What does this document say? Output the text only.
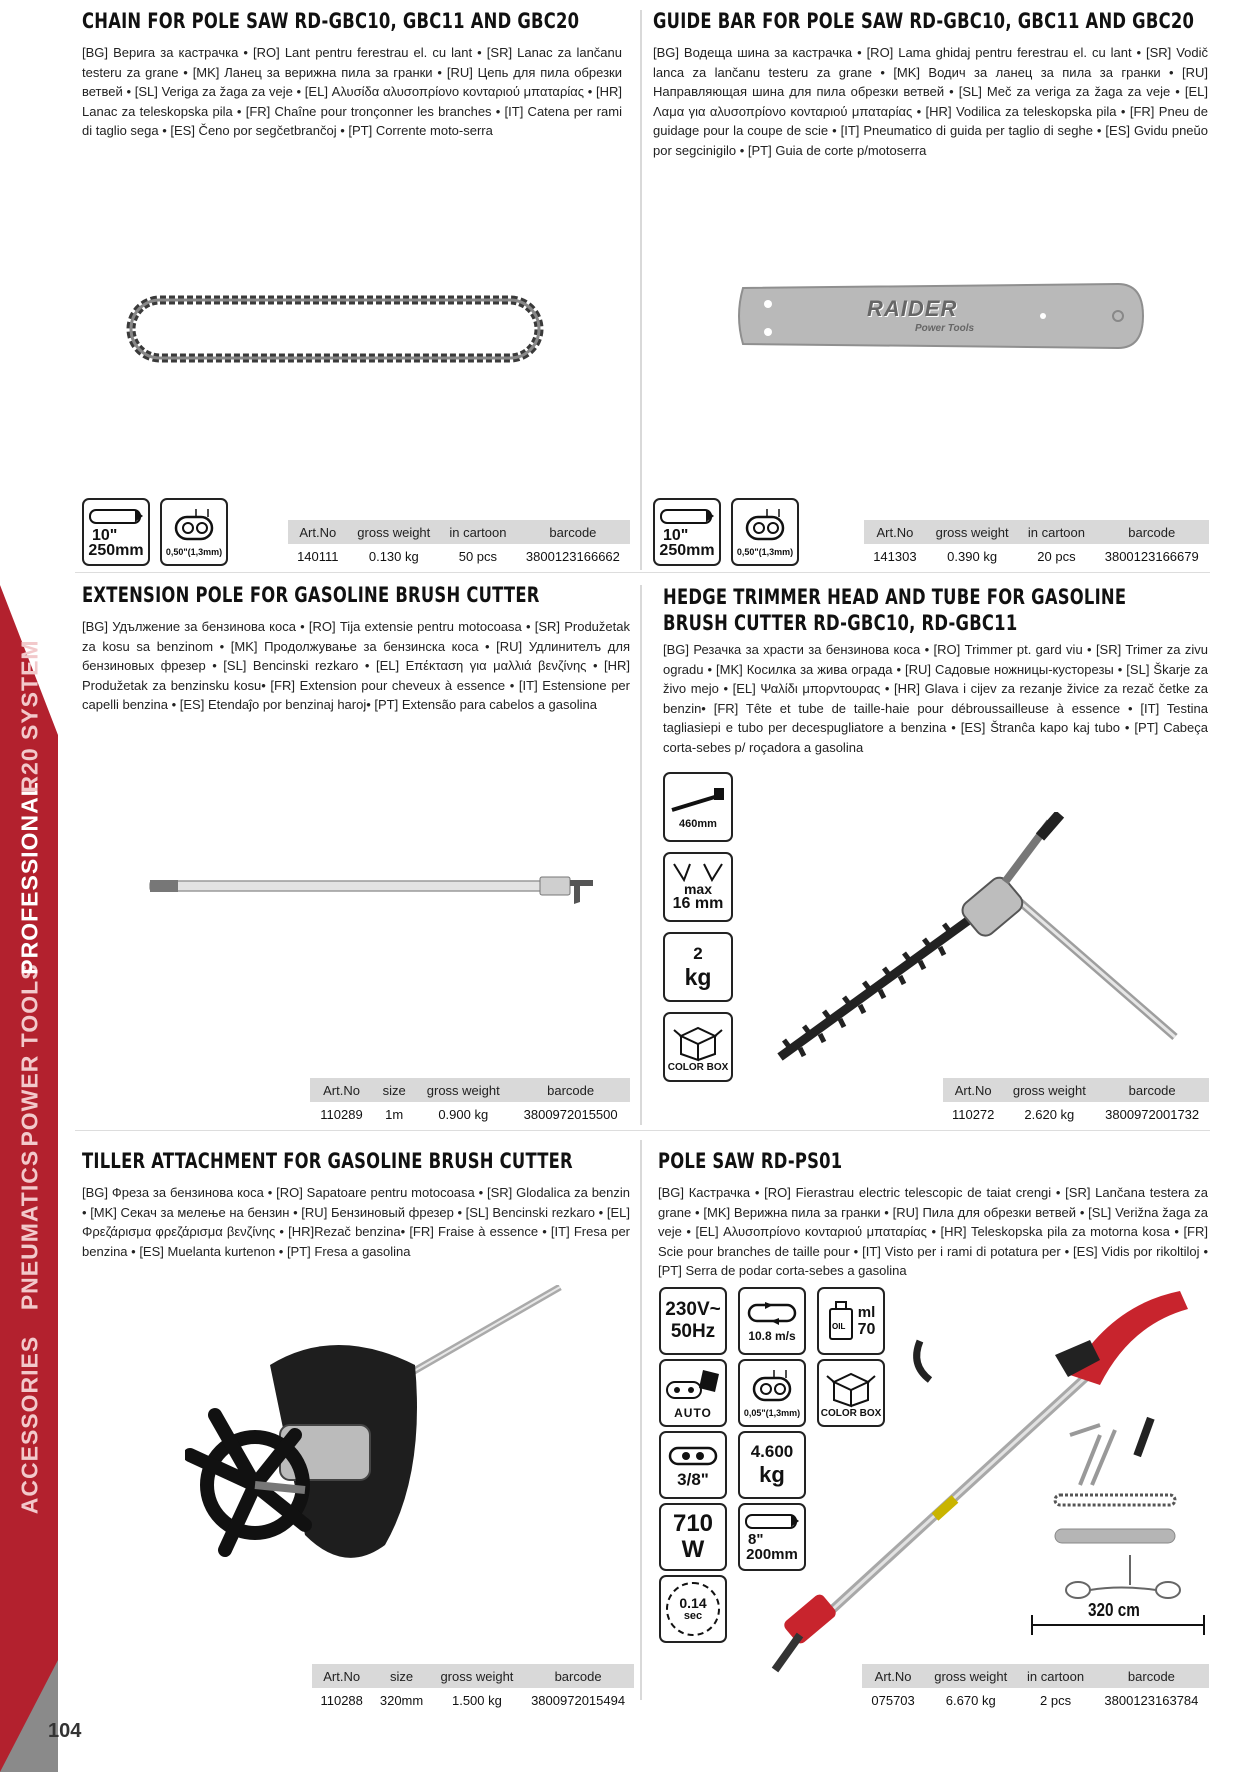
ACCESSORIES
PNEUMATICS
POWER TOOLS
PROFESSIONAL
R20 SYSTEM
104
CHAIN FOR POLE SAW RD-GBC10, GBC11 AND GBC20
[BG] Верига за кастрачка • [RO] Lant pentru ferestrau el. cu lant • [SR] Lanac za lančanu testeru za grane • [MK] Ланец за верижна пила за гранки • [RU] Цепь для пила обрезки ветвей • [SL] Veriga za žaga za veje • [EL] Αλυσίδα αλυσοπρίονο κονταριού μπαταρίας • [HR] Lanac za teleskopska pila • [FR] Chaîne pour tronçonner les branches • [IT] Catena per rami di taglio sega • [ES] Čeno por segčetbrančoj • [PT] Corrente moto-serra
10"
250mm 0,50"(1,3mm)
Art.No	gross weight	in cartoon	barcode
140111	0.130 kg	50 pcs	3800123166662
GUIDE BAR FOR POLE SAW RD-GBC10, GBC11 AND GBC20
[BG] Водеща шина за кастрачка • [RO] Lama ghidaj pentru ferestrau el. cu lant • [SR] Vodič lanca za lančanu testeru za grane • [MK] Водич за ланец за пила за гранки • [RU] Направляющая шина для пила обрезки ветвей • [SL] Meč za veriga za žaga za veje • [EL] Λαμα για αλυσοπρίονο κονταριού μπαταρίας • [HR] Vodilica za teleskopska pila • [FR] Pneu de guidage pour la coupe de scie • [IT] Pneumatico di guida per taglio di seghe • [ES] Gvidu pneŭo por segcinigilo • [PT] Guia de corte p/motoserra
RAIDER
Power Tools
10"
250mm 0,50"(1,3mm)
Art.No	gross weight	in cartoon	barcode
141303	0.390 kg	20 pcs	3800123166679
EXTENSION POLE FOR GASOLINE BRUSH CUTTER
[BG] Удължение за бензинова коса • [RO] Tija extensie pentru motocoasa • [SR] Produžetak za kosu sa benzinom • [MK] Продолжување за бензинска коса • [RU] Удлинителъ для бензиновых фрезер • [SL] Bencinski rezkaro • [EL] Επέκταση για μαλλιά βενζίνης • [HR] Produžetak za benzinsku kosu• [FR] Extension pour cheveux à essence • [IT] Estensione per capelli benzina • [ES] Etendaĵo por benzinaj haroj• [PT] Extensão para cabelos a gasolina
Art.No	size	gross weight	barcode
110289	1m	0.900 kg	3800972015500
HEDGE TRIMMER HEAD AND TUBE FOR GASOLINE BRUSH CUTTER RD-GBC10, RD-GBC11
[BG] Резачка за храсти за бензинова коса • [RO] Trimmer pt. gard viu • [SR] Trimer za zivu ogradu • [MK] Косилка за жива ограда • [RU] Садовые ножницы-кусторезы • [SL] Škarje za živo mejo • [EL] Ψαλίδι μπορντουρας • [HR] Glava i cijev za rezanje živice za rezač četke za benzin• [FR] Tête et tube de taille-haie pour débroussailleuse à essence • [IT] Testina tagliasiepi e tubo per decespugliatore a benzina • [ES] Štranĉa kapo kaj tubo • [PT] Cabeça corta-sebes p/ roçadora a gasolina
460mm
max
16 mm
2
kg
COLOR BOX
Art.No	gross weight	barcode
110272	2.620 kg	3800972001732
TILLER ATTACHMENT FOR GASOLINE BRUSH CUTTER
[BG] Фреза за бензинова коса • [RO] Sapatoare pentru motocoasa • [SR] Glodalica za benzin • [MK] Секач за мелење на бензин • [RU] Бензиновый фрезер • [SL] Bencinski rezkaro • [EL] Φρεζάρισμα φρεζάρισμα βενζίνης • [HR]Rezač benzina• [FR] Fraise à essence • [IT] Fresa per benzina • [ES] Muelanta kurtenon • [PT] Fresa a gasolina
Art.No	size	gross weight	barcode
110288	320mm	1.500 kg	3800972015494
POLE SAW RD-PS01
[BG] Кастрачка • [RO] Fierastrau electric telescopic de taiat crengi • [SR] Lančana testera za grane • [MK] Верижна пила за гранки • [RU] Пила для обрезки ветвей • [SL] Verižna žaga za veje • [EL] Αλυσοπρίονο κονταριού μπαταρίας • [HR] Teleskopska pila za motorna kosa • [FR] Scie pour branches de taille pour • [IT] Visto per i rami di potatura per • [ES] Vidis por rikoltiloj • [PT] Serra de podar corta-sebes a gasolina
230V~
50Hz	10.8 m/s
OIL
ml
70
AUTO	0,05"(1,3mm) COLOR BOX
3/8"
4.600
kg
710
W	8"
200mm
0.14
sec	320 cm
Art.No	gross weight	in cartoon	barcode
075703	6.670 kg	2 pcs	3800123163784
